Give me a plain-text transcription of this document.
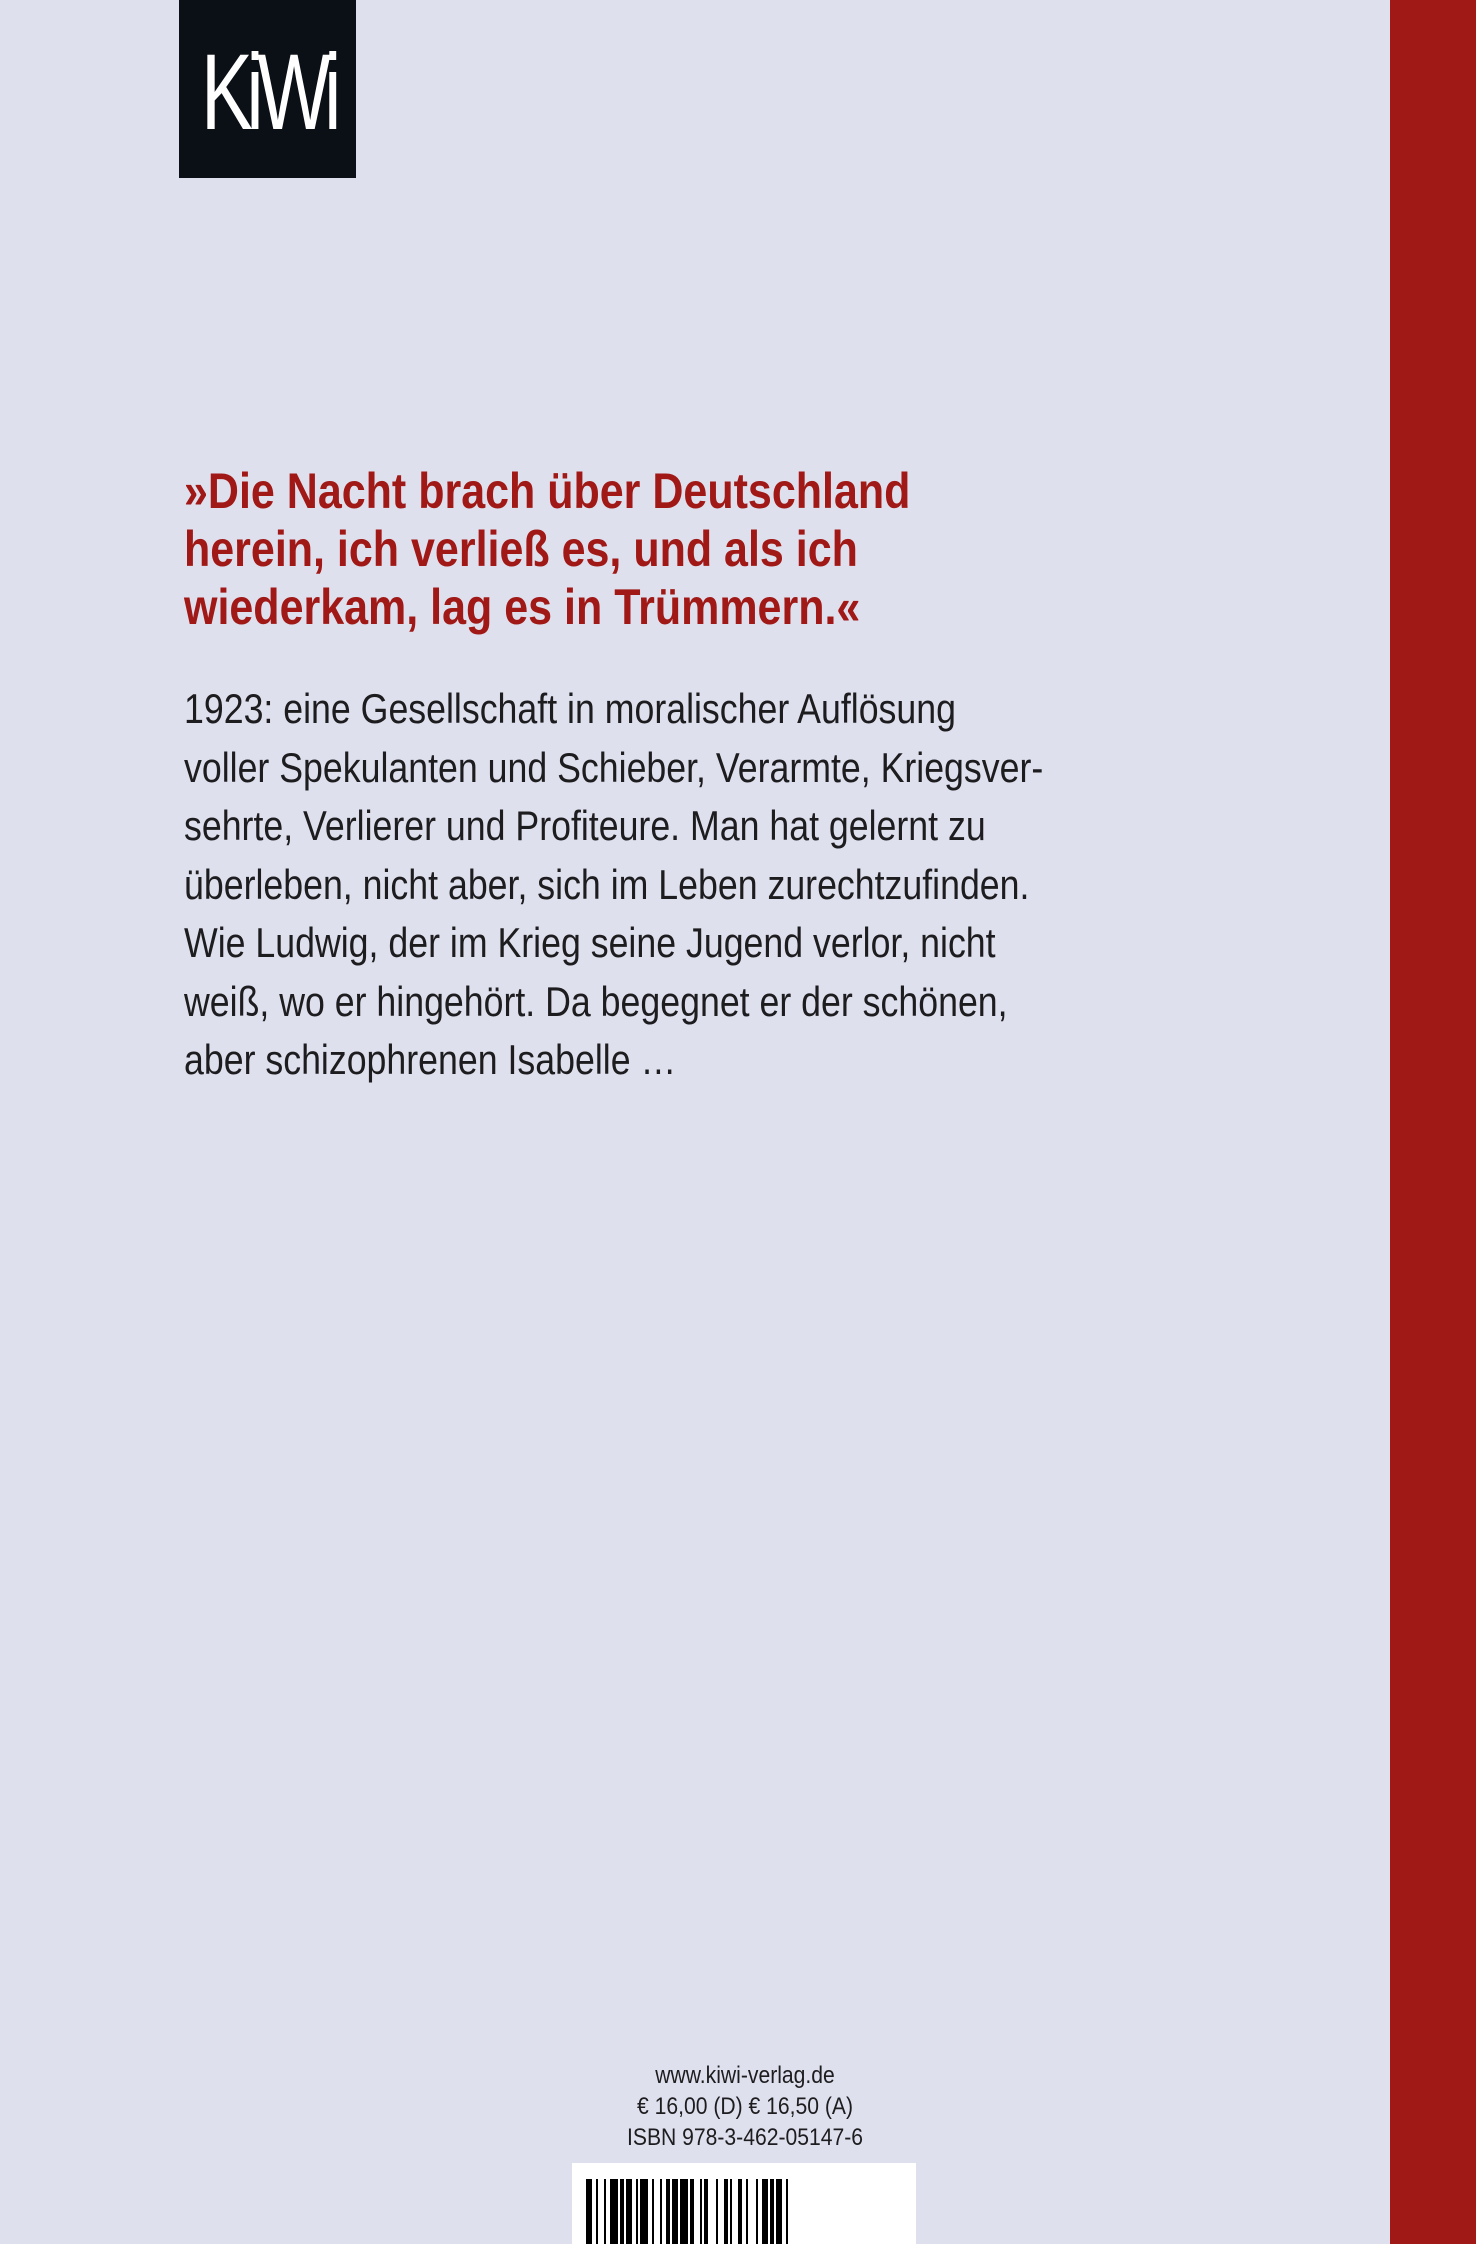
KiWi
»Die Nacht brach über Deutschland
herein, ich verließ es, und als ich
wiederkam, lag es in Trümmern.«
1923: eine Gesellschaft in moralischer Auflösung
voller Spekulanten und Schieber, Verarmte, Kriegsver-
sehrte, Verlierer und Profiteure. Man hat gelernt zu
überleben, nicht aber, sich im Leben zurechtzufinden.
Wie Ludwig, der im Krieg seine Jugend verlor, nicht
weiß, wo er hingehört. Da begegnet er der schönen,
aber schizophrenen Isabelle …
www.kiwi-verlag.de
€ 16,00 (D) € 16,50 (A)
ISBN 978-3-462-05147-6
